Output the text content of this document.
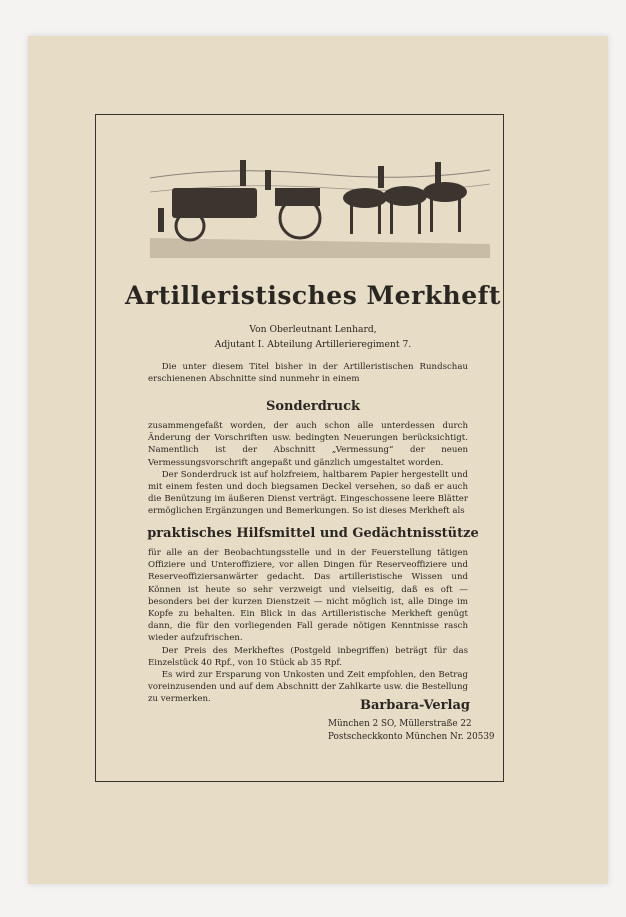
Artilleristisches Merkheft
Von Oberleutnant Lenhard,
Adjutant I. Abteilung Artillerieregiment 7.

Die unter diesem Titel bisher in der Artilleristischen Rundschau erschienenen Abschnitte sind nunmehr in einem

Sonderdruck

zusammengefaßt worden, der auch schon alle unterdessen durch Änderung der Vorschriften usw. bedingten Neuerungen berücksichtigt. Namentlich ist der Abschnitt „Vermessung“ der neuen Vermessungsvorschrift angepaßt und gänzlich umgestaltet worden.

Der Sonderdruck ist auf holzfreiem, haltbarem Papier hergestellt und mit einem festen und doch biegsamen Deckel versehen, so daß er auch die Benützung im äußeren Dienst verträgt. Eingeschossene leere Blätter ermöglichen Ergänzungen und Bemerkungen. So ist dieses Merkheft als

praktisches Hilfsmittel und Gedächtnisstütze

für alle an der Beobachtungsstelle und in der Feuerstellung tätigen Offiziere und Unteroffiziere, vor allen Dingen für Reserveoffiziere und Reserveoffiziersanwärter gedacht. Das artilleristische Wissen und Können ist heute so sehr verzweigt und vielseitig, daß es oft — besonders bei der kurzen Dienstzeit — nicht möglich ist, alle Dinge im Kopfe zu behalten. Ein Blick in das Artilleristische Merkheft genügt dann, die für den vorliegenden Fall gerade nötigen Kenntnisse rasch wieder aufzufrischen.

Der Preis des Merkheftes (Postgeld inbegriffen) beträgt für das Einzelstück 40 Rpf., von 10 Stück ab 35 Rpf.

Es wird zur Ersparung von Unkosten und Zeit empfohlen, den Betrag voreinzusenden und auf dem Abschnitt der Zahlkarte usw. die Bestellung zu vermerken.	Barbara-Verlag
München 2 SO, Müllerstraße 22
Postscheckkonto München Nr. 20539
